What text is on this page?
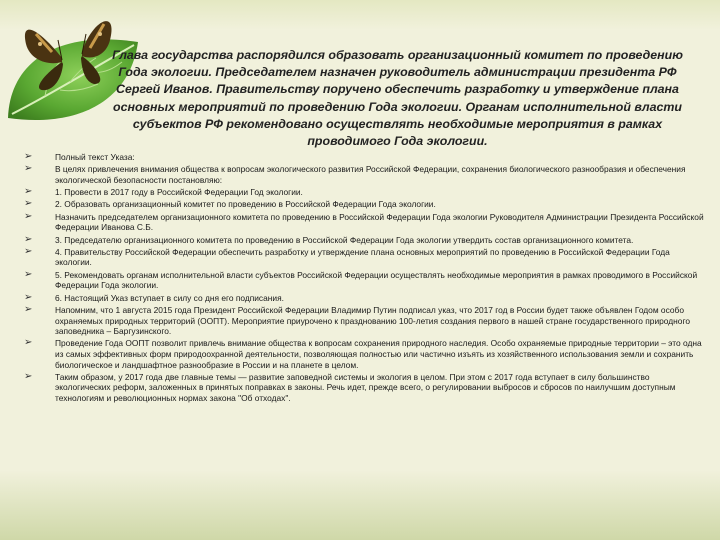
Глава государства распорядился образовать организационный комитет по проведению Года экологии. Председателем назначен руководитель администрации президента РФ Сергей Иванов. Правительству поручено обеспечить разработку и утверждение плана основных мероприятий по проведению Года экологии. Органам исполнительной власти субъектов РФ рекомендовано осуществлять необходимые мероприятия в рамках проводимого Года экологии.
➢	Полный текст Указа:
➢	В целях привлечения внимания общества к вопросам экологического развития Российской Федерации, сохранения биологического разнообразия и обеспечения экологической безопасности постановляю:
➢	1. Провести в 2017 году в Российской Федерации Год экологии.
➢	2. Образовать организационный комитет по проведению в Российской Федерации Года экологии.
➢	Назначить председателем организационного комитета по проведению в Российской Федерации Года экологии Руководителя Администрации Президента Российской Федерации Иванова С.Б.
➢	3. Председателю организационного комитета по проведению в Российской Федерации Года экологии утвердить состав организационного комитета.
➢	4. Правительству Российской Федерации обеспечить разработку и утверждение плана основных мероприятий по проведению в Российской Федерации Года экологии.
➢	5. Рекомендовать органам исполнительной власти субъектов Российской Федерации осуществлять необходимые мероприятия в рамках проводимого в Российской Федерации Года экологии.
➢	6. Настоящий Указ вступает в силу со дня его подписания.
➢	Напомним, что 1 августа 2015 года Президент Российской Федерации Владимир Путин подписал указ, что 2017 год в России будет также объявлен Годом особо охраняемых природных территорий (ООПТ). Мероприятие приурочено к празднованию 100-летия создания первого в нашей стране государственного природного заповедника – Баргузинского.
➢	Проведение Года ООПТ позволит привлечь внимание общества к вопросам сохранения природного наследия. Особо охраняемые природные территории – это одна из самых эффективных форм природоохранной деятельности, позволяющая полностью или частично изъять из хозяйственного использования земли и сохранить биологическое и ландшафтное разнообразие в России и на планете в целом.
➢	Таким образом, у 2017 года две главные темы — развитие заповедной системы и экология в целом. При этом с 2017 года вступает в силу большинство экологических реформ, заложенных в принятых поправках в законы. Речь идет, прежде всего, о регулировании выбросов и сбросов по наилучшим доступным технологиям и революционных нормах закона "Об отходах".
